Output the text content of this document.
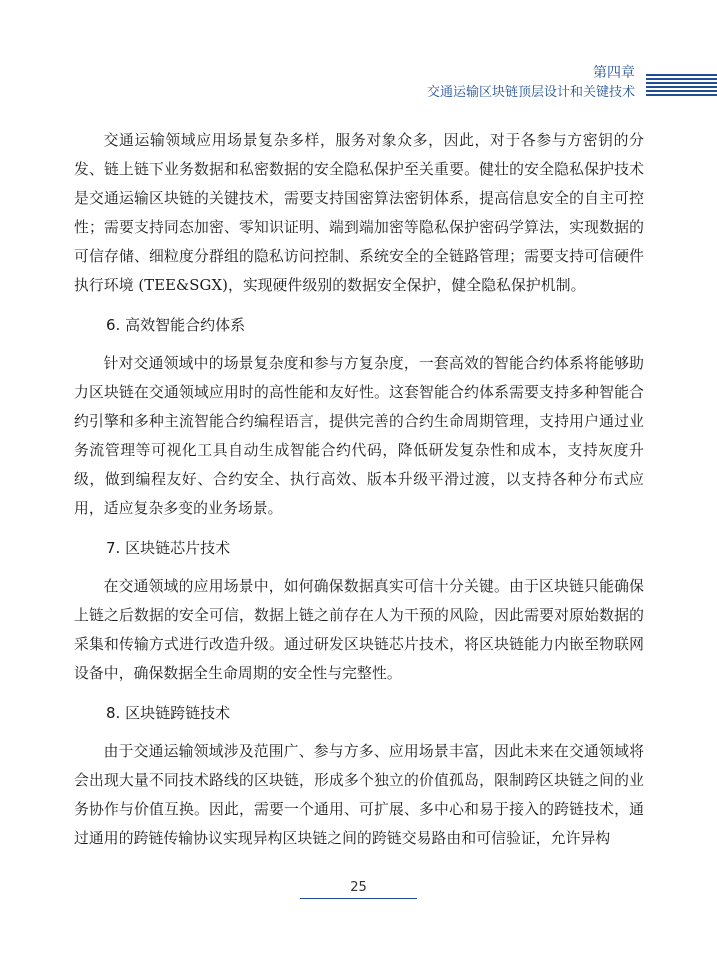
第四章
交通运输区块链顶层设计和关键技术

交通运输领域应用场景复杂多样，服务对象众多，因此，对于各参与方密钥的分发、链上链下业务数据和私密数据的安全隐私保护至关重要。健壮的安全隐私保护技术是交通运输区块链的关键技术，需要支持国密算法密钥体系，提高信息安全的自主可控性；需要支持同态加密、零知识证明、端到端加密等隐私保护密码学算法，实现数据的可信存储、细粒度分群组的隐私访问控制、系统安全的全链路管理；需要支持可信硬件执行环境 (TEE&SGX)，实现硬件级别的数据安全保护，健全隐私保护机制。

6. 高效智能合约体系

针对交通领域中的场景复杂度和参与方复杂度，一套高效的智能合约体系将能够助力区块链在交通领域应用时的高性能和友好性。这套智能合约体系需要支持多种智能合约引擎和多种主流智能合约编程语言，提供完善的合约生命周期管理，支持用户通过业务流管理等可视化工具自动生成智能合约代码，降低研发复杂性和成本，支持灰度升级，做到编程友好、合约安全、执行高效、版本升级平滑过渡，以支持各种分布式应用，适应复杂多变的业务场景。

7. 区块链芯片技术

在交通领域的应用场景中，如何确保数据真实可信十分关键。由于区块链只能确保上链之后数据的安全可信，数据上链之前存在人为干预的风险，因此需要对原始数据的采集和传输方式进行改造升级。通过研发区块链芯片技术，将区块链能力内嵌至物联网设备中，确保数据全生命周期的安全性与完整性。

8. 区块链跨链技术

由于交通运输领域涉及范围广、参与方多、应用场景丰富，因此未来在交通领域将会出现大量不同技术路线的区块链，形成多个独立的价值孤岛，限制跨区块链之间的业务协作与价值互换。因此，需要一个通用、可扩展、多中心和易于接入的跨链技术，通过通用的跨链传输协议实现异构区块链之间的跨链交易路由和可信验证，允许异构

25
